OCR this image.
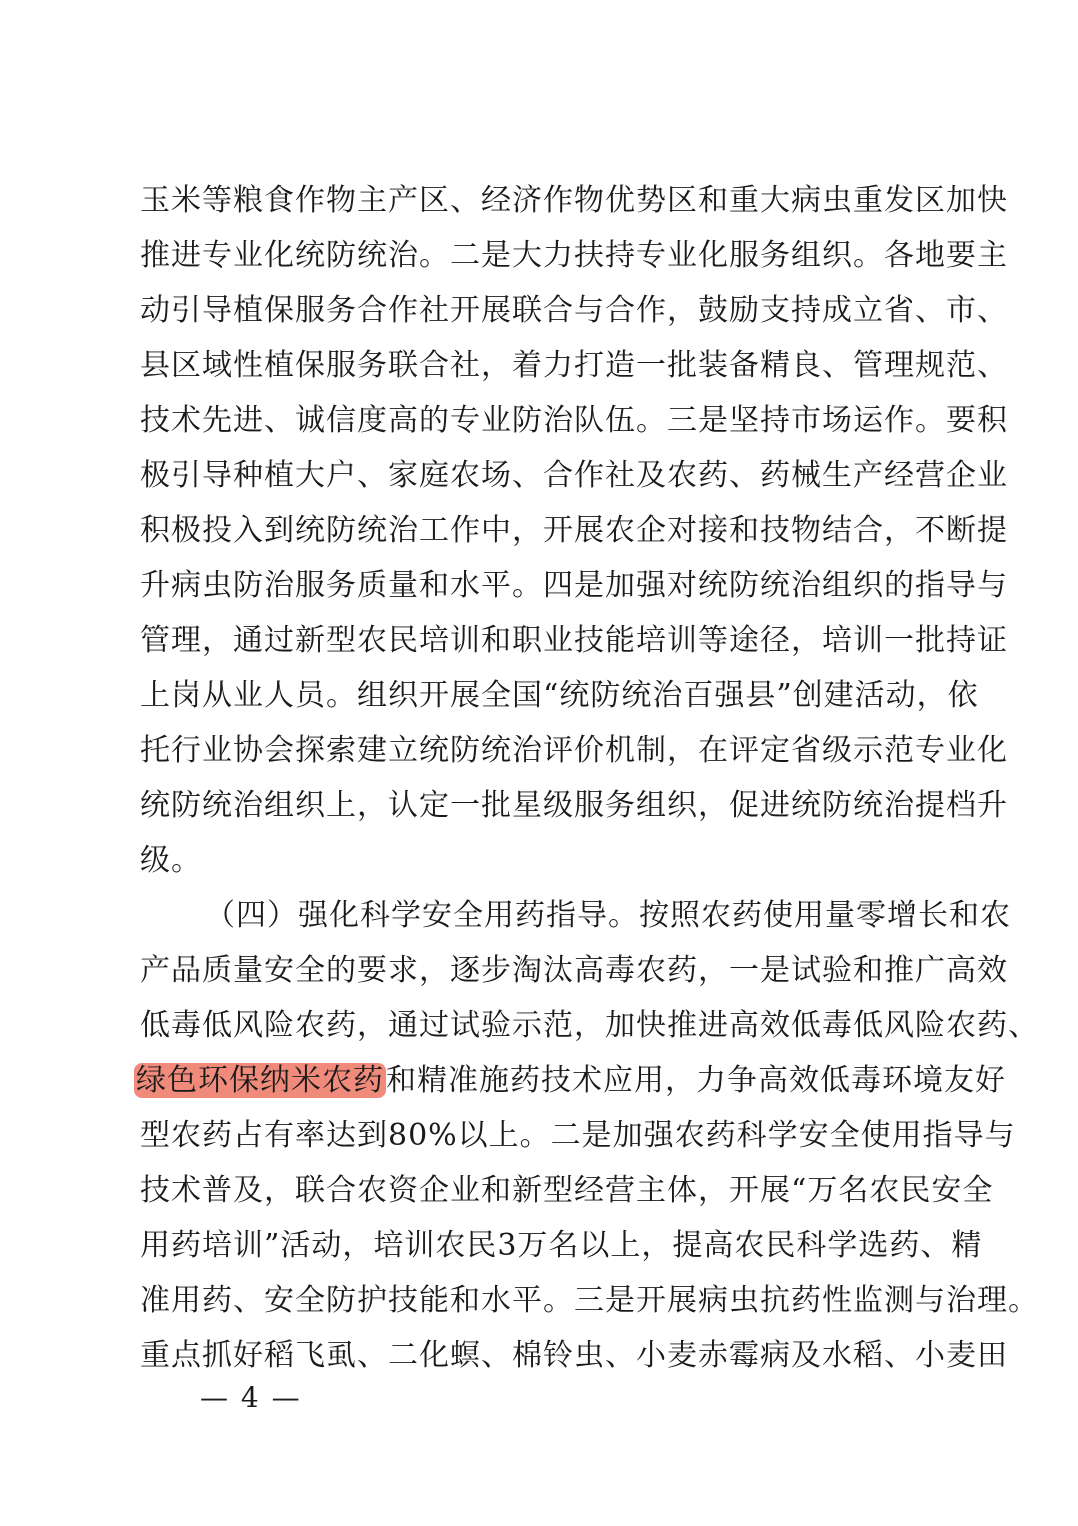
玉米等粮食作物主产区、经济作物优势区和重大病虫重发区加快
推进专业化统防统治。二是大力扶持专业化服务组织。各地要主
动引导植保服务合作社开展联合与合作，鼓励支持成立省、市、
县区域性植保服务联合社，着力打造一批装备精良、管理规范、
技术先进、诚信度高的专业防治队伍。三是坚持市场运作。要积
极引导种植大户、家庭农场、合作社及农药、药械生产经营企业
积极投入到统防统治工作中，开展农企对接和技物结合，不断提
升病虫防治服务质量和水平。四是加强对统防统治组织的指导与
管理，通过新型农民培训和职业技能培训等途径，培训一批持证
上岗从业人员。组织开展全国“统防统治百强县”创建活动，依
托行业协会探索建立统防统治评价机制，在评定省级示范专业化
统防统治组织上，认定一批星级服务组织，促进统防统治提档升
级。
（四）强化科学安全用药指导。按照农药使用量零增长和农
产品质量安全的要求，逐步淘汰高毒农药，一是试验和推广高效
低毒低风险农药，通过试验示范，加快推进高效低毒低风险农药、
绿色环保纳米农药和精准施药技术应用，力争高效低毒环境友好
型农药占有率达到80%以上。二是加强农药科学安全使用指导与
技术普及，联合农资企业和新型经营主体，开展“万名农民安全
用药培训”活动，培训农民3万名以上，提高农民科学选药、精
准用药、安全防护技能和水平。三是开展病虫抗药性监测与治理。
重点抓好稻飞虱、二化螟、棉铃虫、小麦赤霉病及水稻、小麦田
— 4 —
